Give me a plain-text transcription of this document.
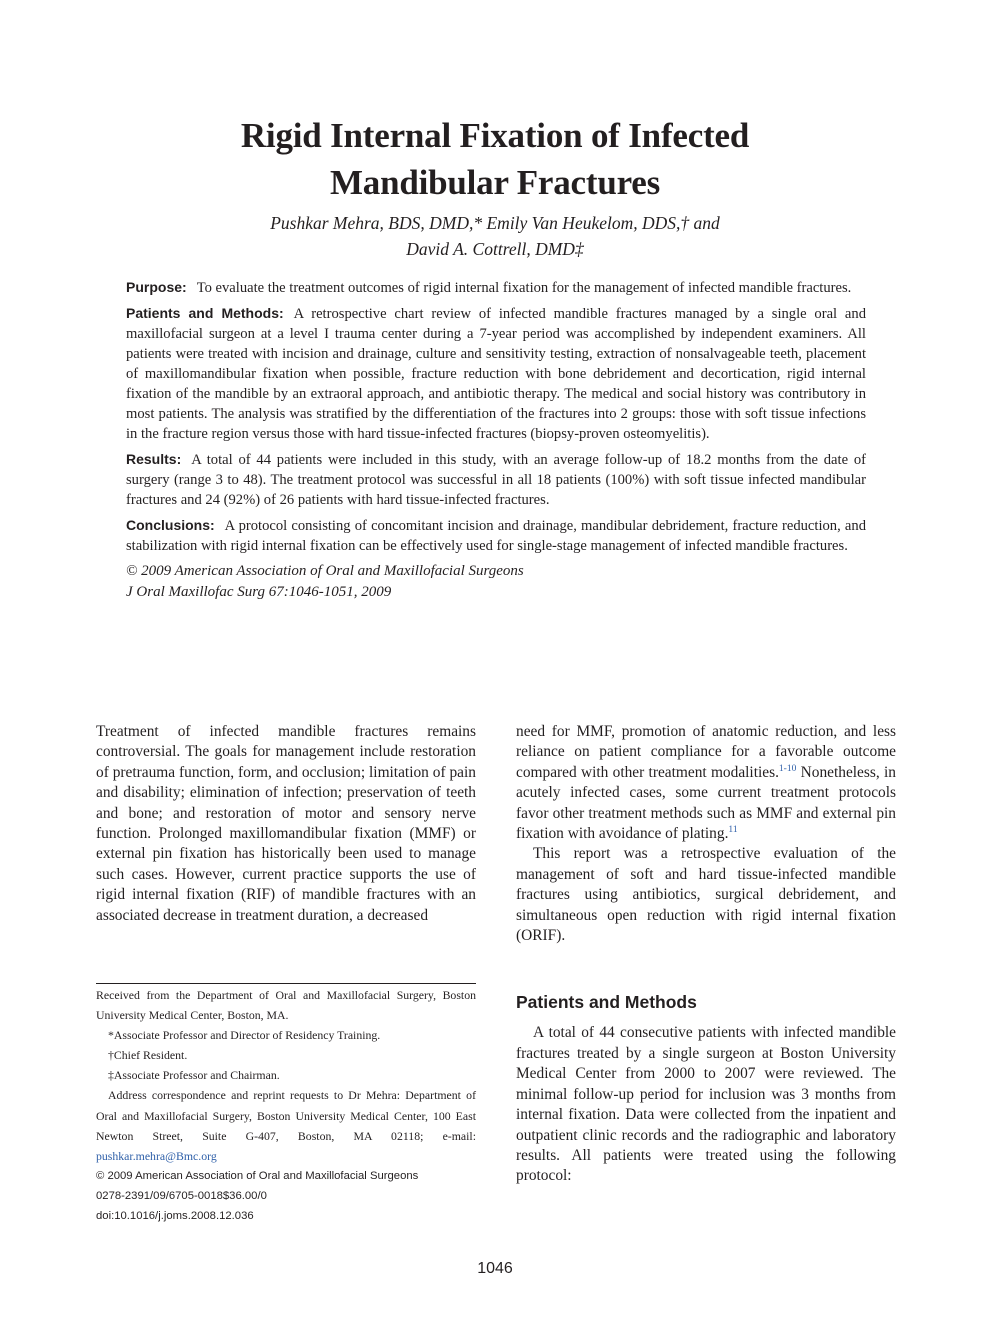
Rigid Internal Fixation of Infected
Mandibular Fractures
Pushkar Mehra, BDS, DMD,* Emily Van Heukelom, DDS,† and
David A. Cottrell, DMD‡

Purpose: To evaluate the treatment outcomes of rigid internal fixation for the management of infected mandible fractures.

Patients and Methods: A retrospective chart review of infected mandible fractures managed by a single oral and maxillofacial surgeon at a level I trauma center during a 7-year period was accomplished by independent examiners. All patients were treated with incision and drainage, culture and sensitivity testing, extraction of nonsalvageable teeth, placement of maxillomandibular fixation when possible, fracture reduction with bone debridement and decortication, rigid internal fixation of the mandible by an extraoral approach, and antibiotic therapy. The medical and social history was contributory in most patients. The analysis was stratified by the differentiation of the fractures into 2 groups: those with soft tissue infections in the fracture region versus those with hard tissue-infected fractures (biopsy-proven osteomyelitis).

Results: A total of 44 patients were included in this study, with an average follow-up of 18.2 months from the date of surgery (range 3 to 48). The treatment protocol was successful in all 18 patients (100%) with soft tissue infected mandibular fractures and 24 (92%) of 26 patients with hard tissue-infected fractures.

Conclusions: A protocol consisting of concomitant incision and drainage, mandibular debridement, fracture reduction, and stabilization with rigid internal fixation can be effectively used for single-stage management of infected mandible fractures.

© 2009 American Association of Oral and Maxillofacial Surgeons

J Oral Maxillofac Surg 67:1046-1051, 2009

Treatment of infected mandible fractures remains controversial. The goals for management include restoration of pretrauma function, form, and occlusion; limitation of pain and disability; elimination of infection; preservation of teeth and bone; and restoration of motor and sensory nerve function. Prolonged maxillomandibular fixation (MMF) or external pin fixation has historically been used to manage such cases. However, current practice supports the use of rigid internal fixation (RIF) of mandible fractures with an associated decrease in treatment duration, a decreased

need for MMF, promotion of anatomic reduction, and less reliance on patient compliance for a favorable outcome compared with other treatment modalities.$^{1-10}$ Nonetheless, in acutely infected cases, some current treatment protocols favor other treatment methods such as MMF and external pin fixation with avoidance of plating.$^{11}$

This report was a retrospective evaluation of the management of soft and hard tissue-infected mandible fractures using antibiotics, surgical debridement, and simultaneous open reduction with rigid internal fixation (ORIF).

Patients and Methods

A total of 44 consecutive patients with infected mandible fractures treated by a single surgeon at Boston University Medical Center from 2000 to 2007 were reviewed. The minimal follow-up period for inclusion was 3 months from internal fixation. Data were collected from the inpatient and outpatient clinic records and the radiographic and laboratory results. All patients were treated using the following protocol:

Received from the Department of Oral and Maxillofacial Surgery, Boston University Medical Center, Boston, MA.

*Associate Professor and Director of Residency Training.

†Chief Resident.

‡Associate Professor and Chairman.

Address correspondence and reprint requests to Dr Mehra: Department of Oral and Maxillofacial Surgery, Boston University Medical Center, 100 East Newton Street, Suite G-407, Boston, MA 02118; e-mail: pushkar.mehra@Bmc.org

© 2009 American Association of Oral and Maxillofacial Surgeons

0278-2391/09/6705-0018$36.00/0

doi:10.1016/j.joms.2008.12.036

1046
